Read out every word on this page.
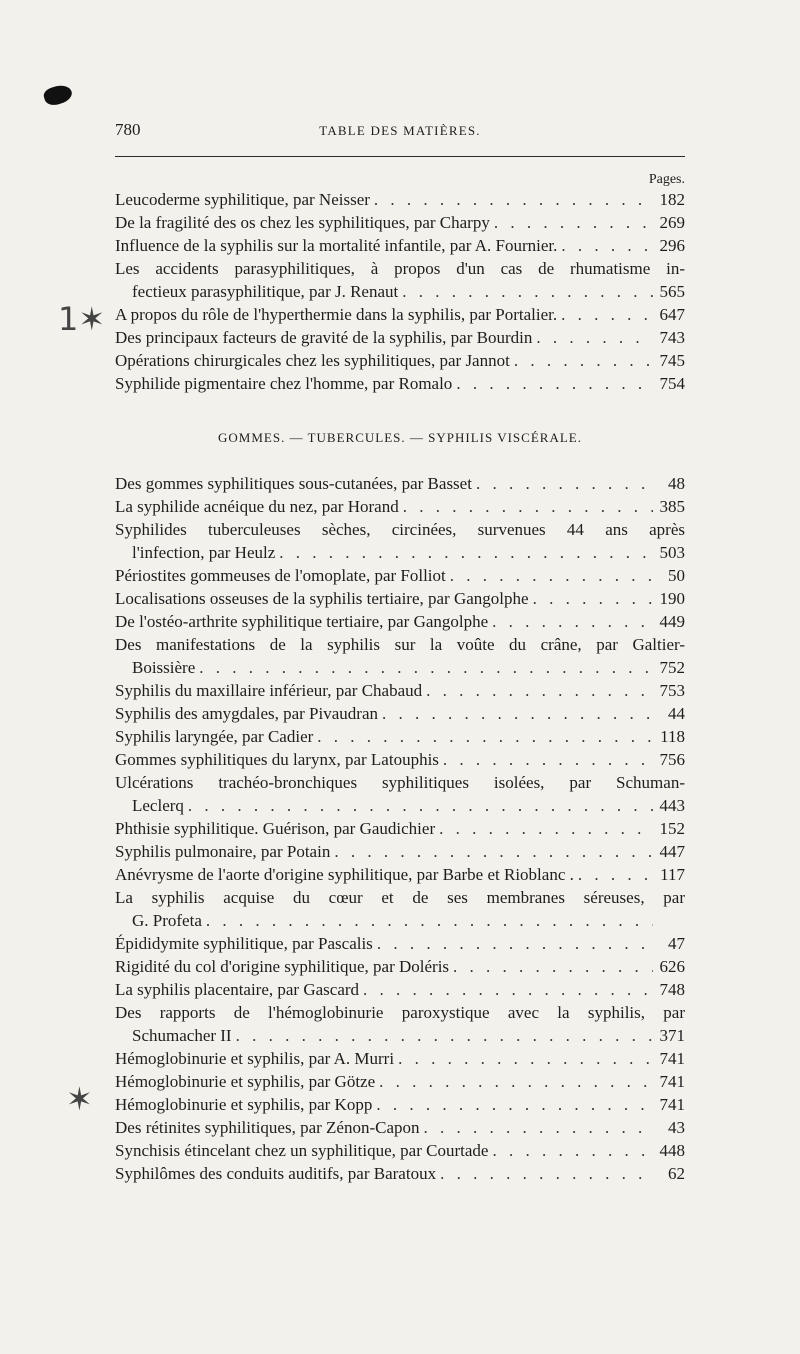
780	TABLE DES MATIÈRES.
Pages.
GOMMES. — TUBERCULES. — SYPHILIS VISCÉRALE.
1✶
✶
Leucoderme syphilitique, par Neisser . . .	182
De la fragilité des os chez les syphilitiques, par Charpy . . .	269
Influence de la syphilis sur la mortalité infantile, par A. Fournier. . . .	296
Les accidents parasyphilitiques, à propos d'un cas de rhumatisme in-
fectieux parasyphilitique, par J. Renaut . . .	565
A propos du rôle de l'hyperthermie dans la syphilis, par Portalier. . . .	647
Des principaux facteurs de gravité de la syphilis, par Bourdin . . .	743
Opérations chirurgicales chez les syphilitiques, par Jannot . . .	745
Syphilide pigmentaire chez l'homme, par Romalo . . .	754
Des gommes syphilitiques sous-cutanées, par Basset . . .	48
La syphilide acnéique du nez, par Horand . . .	385
Syphilides tuberculeuses sèches, circinées, survenues 44 ans après
l'infection, par Heulz . . .	503
Périostites gommeuses de l'omoplate, par Folliot . . .	50
Localisations osseuses de la syphilis tertiaire, par Gangolphe . . .	190
De l'ostéo-arthrite syphilitique tertiaire, par Gangolphe . . .	449
Des manifestations de la syphilis sur la voûte du crâne, par Galtier-
Boissière . . .	752
Syphilis du maxillaire inférieur, par Chabaud . . .	753
Syphilis des amygdales, par Pivaudran . . .	44
Syphilis laryngée, par Cadier . . .	118
Gommes syphilitiques du larynx, par Latouphis . . .	756
Ulcérations trachéo-bronchiques syphilitiques isolées, par Schuman-
Leclerq . . .	443
Phthisie syphilitique. Guérison, par Gaudichier . . .	152
Syphilis pulmonaire, par Potain . . .	447
Anévrysme de l'aorte d'origine syphilitique, par Barbe et Rioblanc . . . .	117
La syphilis acquise du cœur et de ses membranes séreuses, par
G. Profeta
. . .
Épididymite syphilitique, par Pascalis . . .	47
Rigidité du col d'origine syphilitique, par Doléris . . .	626
La syphilis placentaire, par Gascard . . .	748
Des rapports de l'hémoglobinurie paroxystique avec la syphilis, par
Schumacher II . . .	371
Hémoglobinurie et syphilis, par A. Murri . . .	741
Hémoglobinurie et syphilis, par Götze . . .	741
Hémoglobinurie et syphilis, par Kopp . . .	741
Des rétinites syphilitiques, par Zénon-Capon . . .	43
Synchisis étincelant chez un syphilitique, par Courtade . . .	448
Syphilômes des conduits auditifs, par Baratoux . . .	62
